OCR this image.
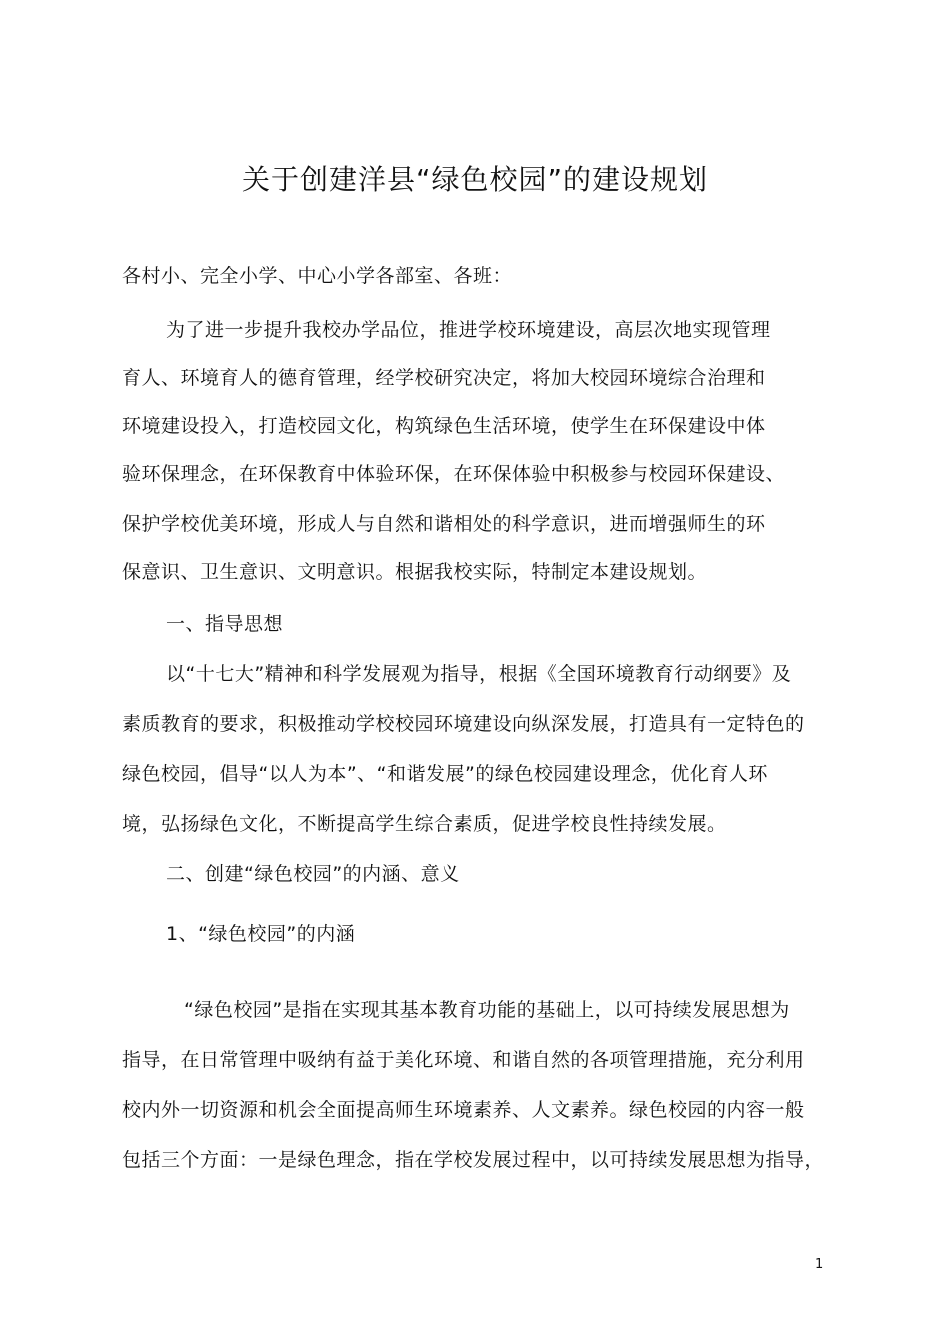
关于创建洋县“绿色校园”的建设规划
各村小、完全小学、中心小学各部室、各班：
为了进一步提升我校办学品位，推进学校环境建设，高层次地实现管理
育人、环境育人的德育管理，经学校研究决定，将加大校园环境综合治理和
环境建设投入，打造校园文化，构筑绿色生活环境，使学生在环保建设中体
验环保理念，在环保教育中体验环保，在环保体验中积极参与校园环保建设、
保护学校优美环境，形成人与自然和谐相处的科学意识，进而增强师生的环
保意识、卫生意识、文明意识。根据我校实际，特制定本建设规划。
一、指导思想
以“十七大”精神和科学发展观为指导，根据《全国环境教育行动纲要》及
素质教育的要求，积极推动学校校园环境建设向纵深发展，打造具有一定特色的
绿色校园，倡导“以人为本”、“和谐发展”的绿色校园建设理念，优化育人环
境，弘扬绿色文化，不断提高学生综合素质，促进学校良性持续发展。
二、创建“绿色校园”的内涵、意义
1、“绿色校园”的内涵
“绿色校园”是指在实现其基本教育功能的基础上，以可持续发展思想为
指导，在日常管理中吸纳有益于美化环境、和谐自然的各项管理措施，充分利用
校内外一切资源和机会全面提高师生环境素养、人文素养。绿色校园的内容一般
包括三个方面：一是绿色理念，指在学校发展过程中，以可持续发展思想为指导，
1
